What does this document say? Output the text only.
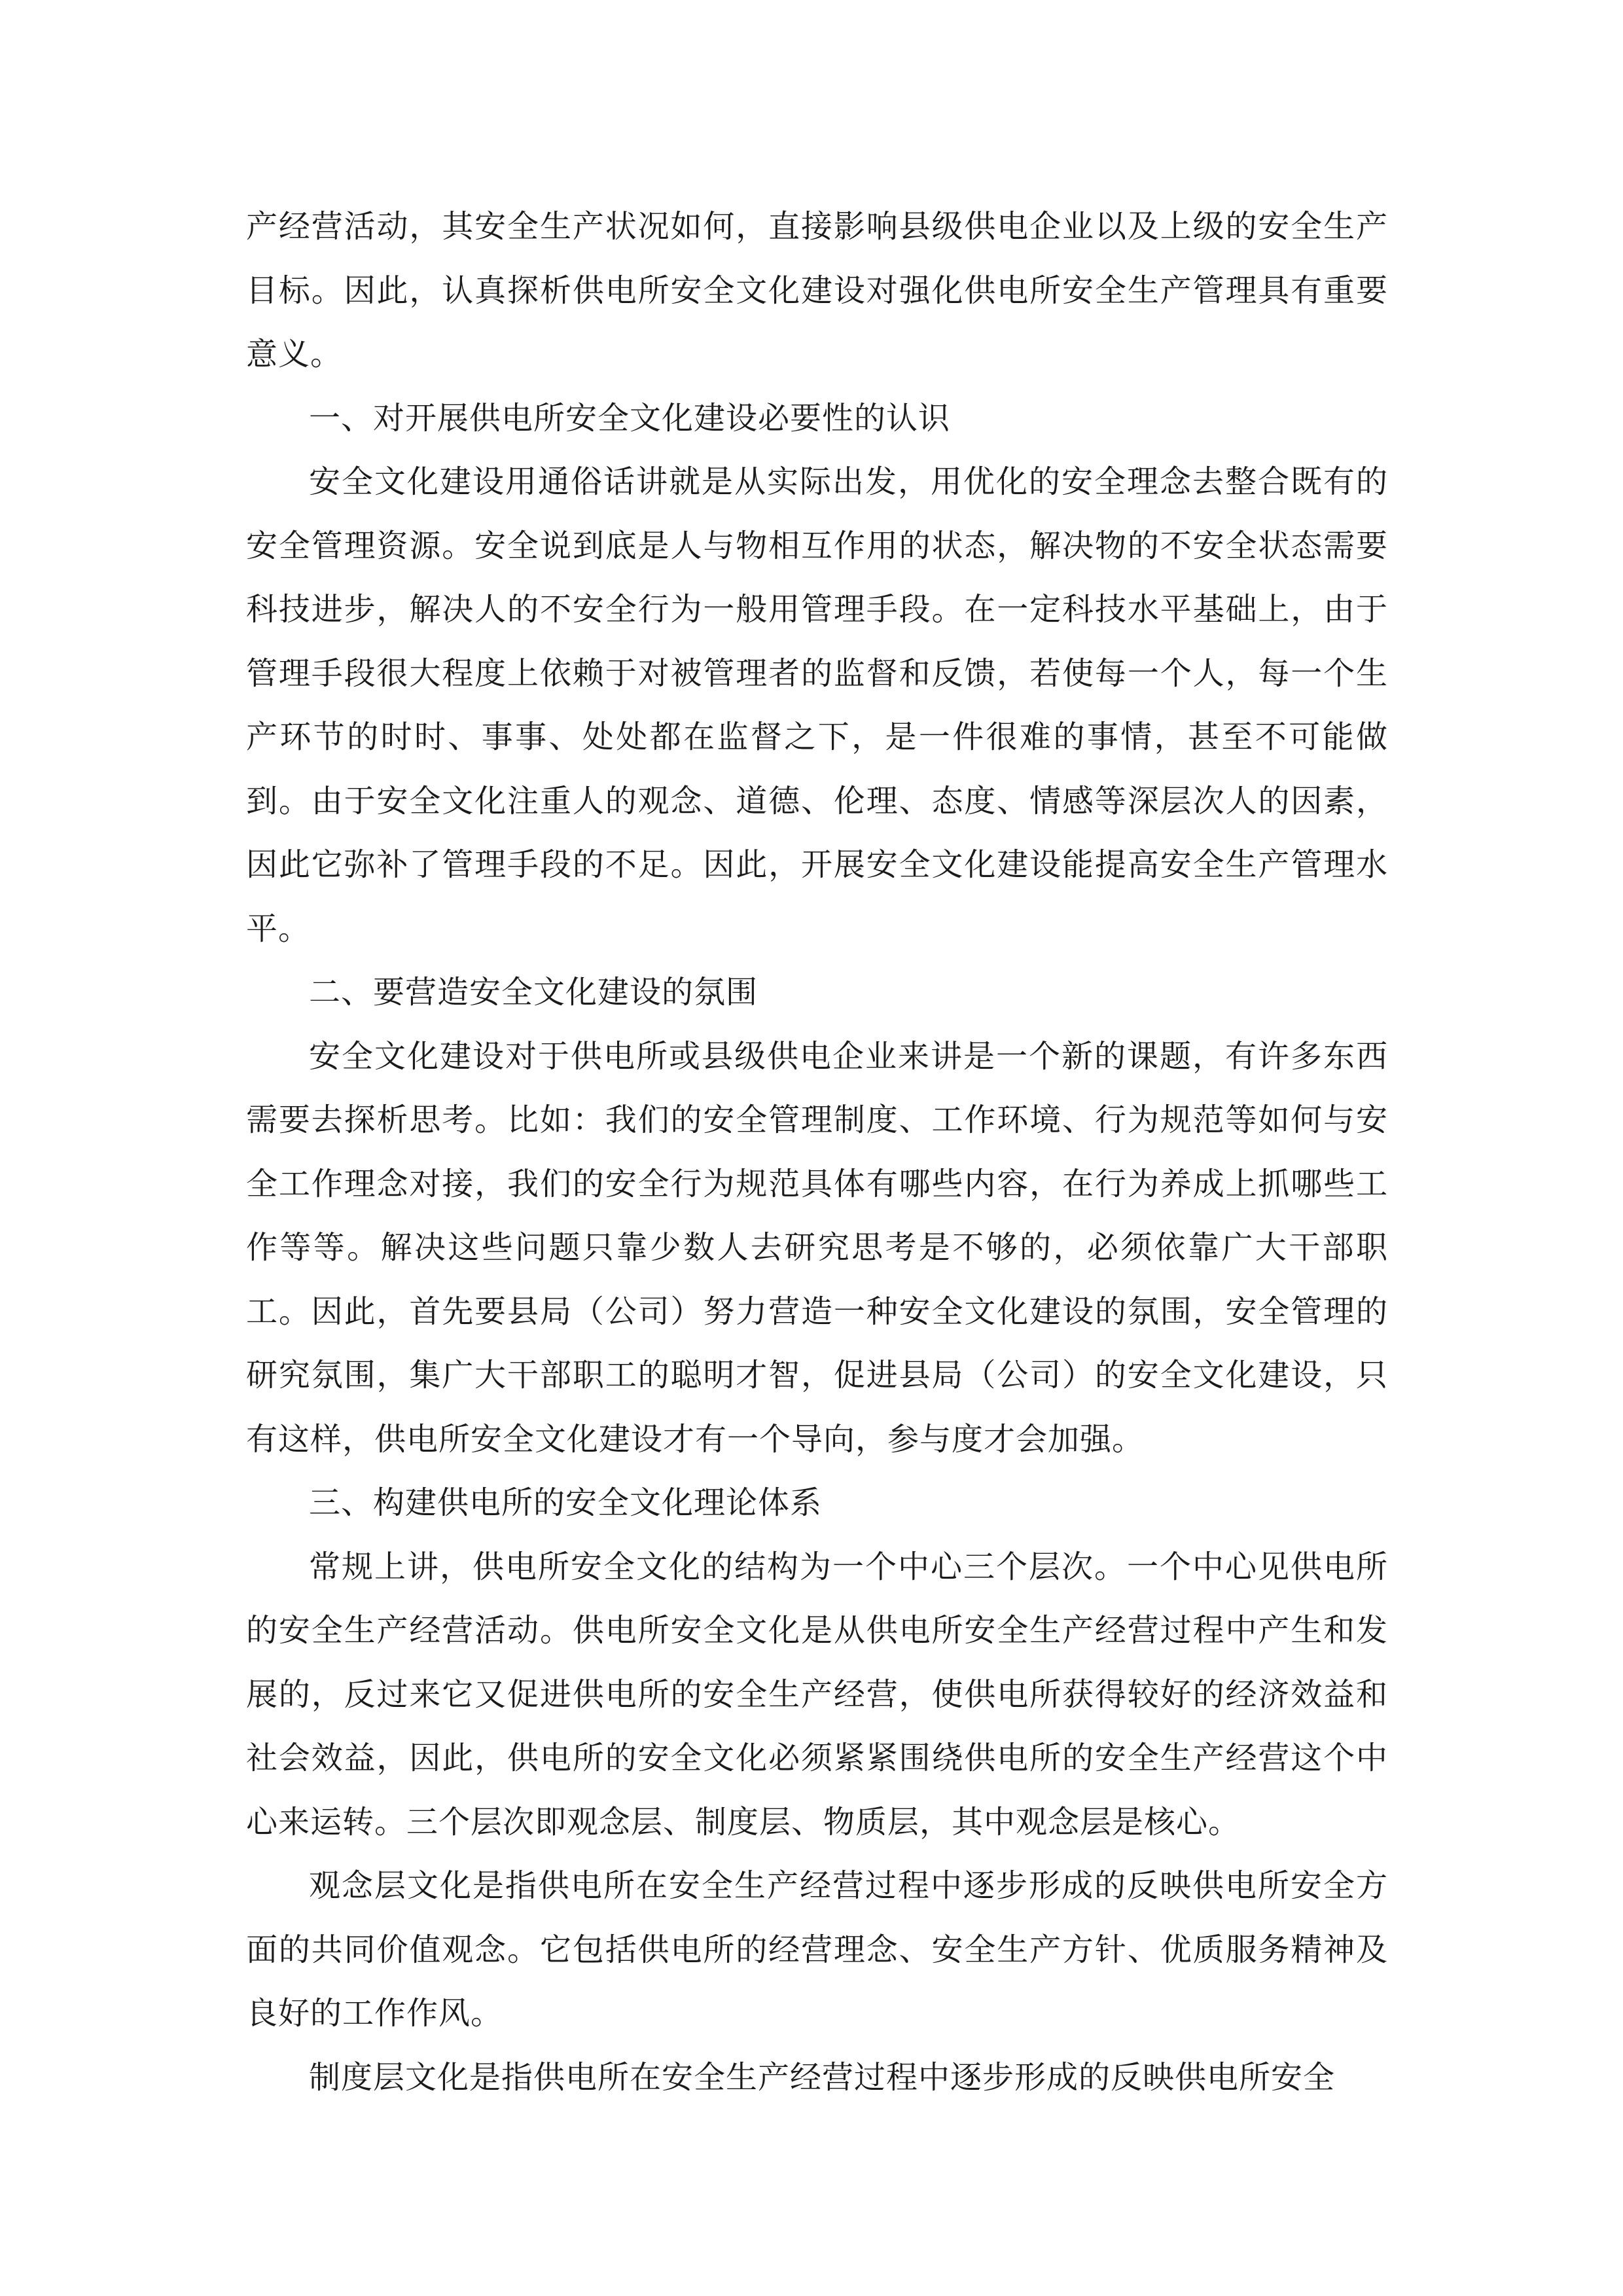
产经营活动，其安全生产状况如何，直接影响县级供电企业以及上级的安全生产目标。因此，认真探析供电所安全文化建设对强化供电所安全生产管理具有重要意义。

一、对开展供电所安全文化建设必要性的认识

安全文化建设用通俗话讲就是从实际出发，用优化的安全理念去整合既有的安全管理资源。安全说到底是人与物相互作用的状态，解决物的不安全状态需要科技进步，解决人的不安全行为一般用管理手段。在一定科技水平基础上，由于管理手段很大程度上依赖于对被管理者的监督和反馈，若使每一个人，每一个生产环节的时时、事事、处处都在监督之下，是一件很难的事情，甚至不可能做到。由于安全文化注重人的观念、道德、伦理、态度、情感等深层次人的因素，因此它弥补了管理手段的不足。因此，开展安全文化建设能提高安全生产管理水平。

二、要营造安全文化建设的氛围

安全文化建设对于供电所或县级供电企业来讲是一个新的课题，有许多东西需要去探析思考。比如：我们的安全管理制度、工作环境、行为规范等如何与安全工作理念对接，我们的安全行为规范具体有哪些内容，在行为养成上抓哪些工作等等。解决这些问题只靠少数人去研究思考是不够的，必须依靠广大干部职工。因此，首先要县局（公司）努力营造一种安全文化建设的氛围，安全管理的研究氛围，集广大干部职工的聪明才智，促进县局（公司）的安全文化建设，只有这样，供电所安全文化建设才有一个导向，参与度才会加强。

三、构建供电所的安全文化理论体系

常规上讲，供电所安全文化的结构为一个中心三个层次。一个中心见供电所的安全生产经营活动。供电所安全文化是从供电所安全生产经营过程中产生和发展的，反过来它又促进供电所的安全生产经营，使供电所获得较好的经济效益和社会效益，因此，供电所的安全文化必须紧紧围绕供电所的安全生产经营这个中心来运转。三个层次即观念层、制度层、物质层，其中观念层是核心。

观念层文化是指供电所在安全生产经营过程中逐步形成的反映供电所安全方面的共同价值观念。它包括供电所的经营理念、安全生产方针、优质服务精神及良好的工作作风。

制度层文化是指供电所在安全生产经营过程中逐步形成的反映供电所安全
